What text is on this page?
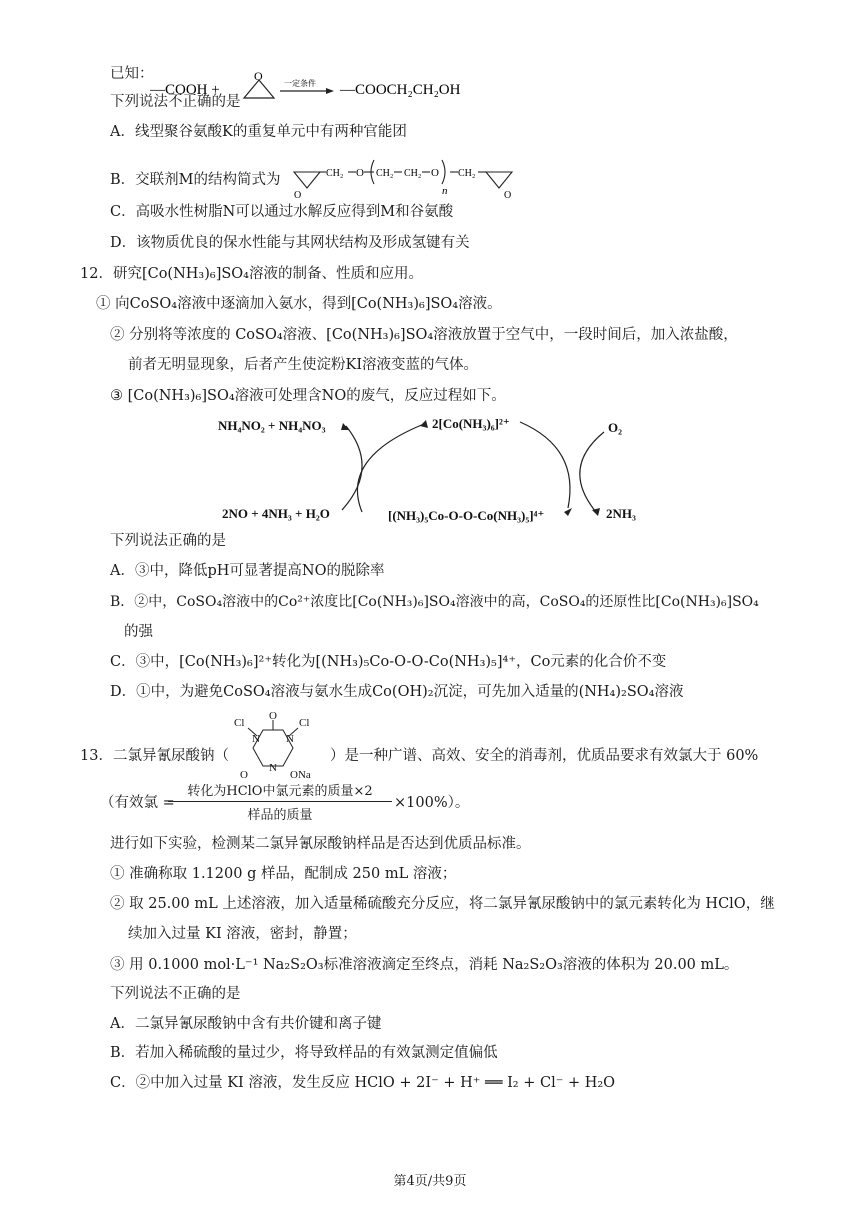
已知：
—COOH +
O
一定条件 —COOCH₂CH₂OH
下列说法不正确的是
A．线型聚谷氨酸K的重复单元中有两种官能团
B．交联剂M的结构简式为
O
CH₂ O CH₂ CH₂ O
n
CH₂
O
C．高吸水性树脂N可以通过水解反应得到M和谷氨酸
D．该物质优良的保水性能与其网状结构及形成氢键有关
12．研究[Co(NH₃)₆]SO₄溶液的制备、性质和应用。
① 向CoSO₄溶液中逐滴加入氨水，得到[Co(NH₃)₆]SO₄溶液。
② 分别将等浓度的 CoSO₄溶液、[Co(NH₃)₆]SO₄溶液放置于空气中，一段时间后，加入浓盐酸，
前者无明显现象，后者产生使淀粉KI溶液变蓝的气体。
③ [Co(NH₃)₆]SO₄溶液可处理含NO的废气，反应过程如下。
NH₄NO₂ + NH₄NO₃	2[Co(NH₃)₆]²⁺	O₂
2NO + 4NH₃ + H₂O	[(NH₃)₅Co-O-O-Co(NH₃)₅]⁴⁺	2NH₃
下列说法正确的是
A．③中，降低pH可显著提高NO的脱除率
B．②中，CoSO₄溶液中的Co²⁺浓度比[Co(NH₃)₆]SO₄溶液中的高，CoSO₄的还原性比[Co(NH₃)₆]SO₄
的强
C．③中，[Co(NH₃)₆]²⁺转化为[(NH₃)₅Co-O-O-Co(NH₃)₅]⁴⁺，Co元素的化合价不变
D．①中，为避免CoSO₄溶液与氨水生成Co(OH)₂沉淀，可先加入适量的(NH₄)₂SO₄溶液
13．二氯异氰尿酸钠（
Cl	Cl
O
N N
N
O	ONa
）是一种广谱、高效、安全的消毒剂，优质品要求有效氯大于 60%
（有效氯 =
转化为HClO中氯元素的质量×2
样品的质量
×100%）。
进行如下实验，检测某二氯异氰尿酸钠样品是否达到优质品标准。
① 准确称取 1.1200 g 样品，配制成 250 mL 溶液；
② 取 25.00 mL 上述溶液，加入适量稀硫酸充分反应，将二氯异氰尿酸钠中的氯元素转化为 HClO，继
续加入过量 KI 溶液，密封，静置；
③ 用 0.1000 mol·L⁻¹ Na₂S₂O₃标准溶液滴定至终点，消耗 Na₂S₂O₃溶液的体积为 20.00 mL。
下列说法不正确的是
A．二氯异氰尿酸钠中含有共价键和离子键
B．若加入稀硫酸的量过少，将导致样品的有效氯测定值偏低
C．②中加入过量 KI 溶液，发生反应 HClO + 2I⁻ + H⁺ ══ I₂ + Cl⁻ + H₂O
第4页/共9页
